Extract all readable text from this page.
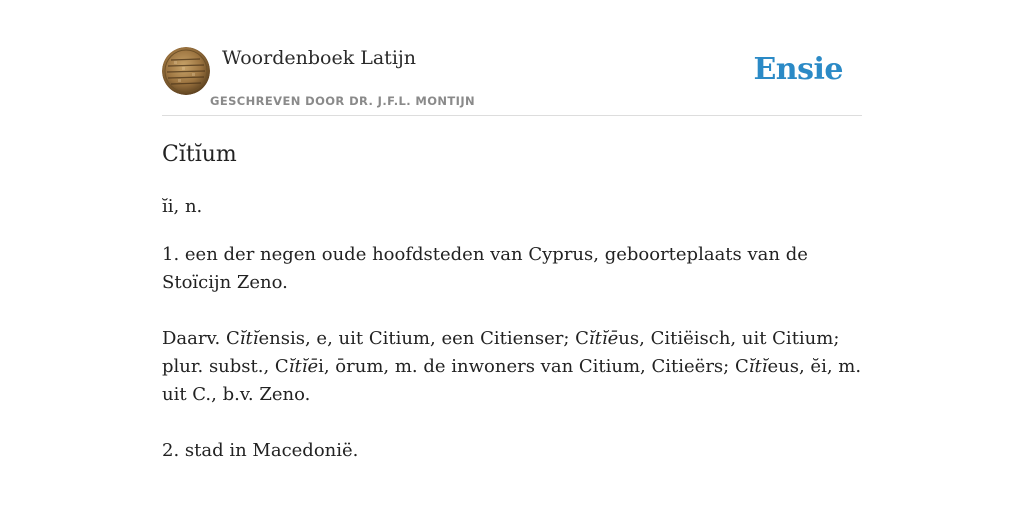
Woordenboek Latijn
GESCHREVEN DOOR DR. J.F.L. MONTIJN
Ensie
Cĭtĭum
ĭi, n.
1. een der negen oude hoofdsteden van Cyprus, geboorteplaats van de Stoïcijn Zeno.
Daarv. Cĭtĭensis, e, uit Citium, een Citienser; Cĭtĭēus, Citiëisch, uit Citium; plur. subst., Cĭtĭēi, ōrum, m. de inwoners van Citium, Citieërs; Cĭtĭeus, ĕi, m. uit C., b.v. Zeno.
2. stad in Macedonië.
